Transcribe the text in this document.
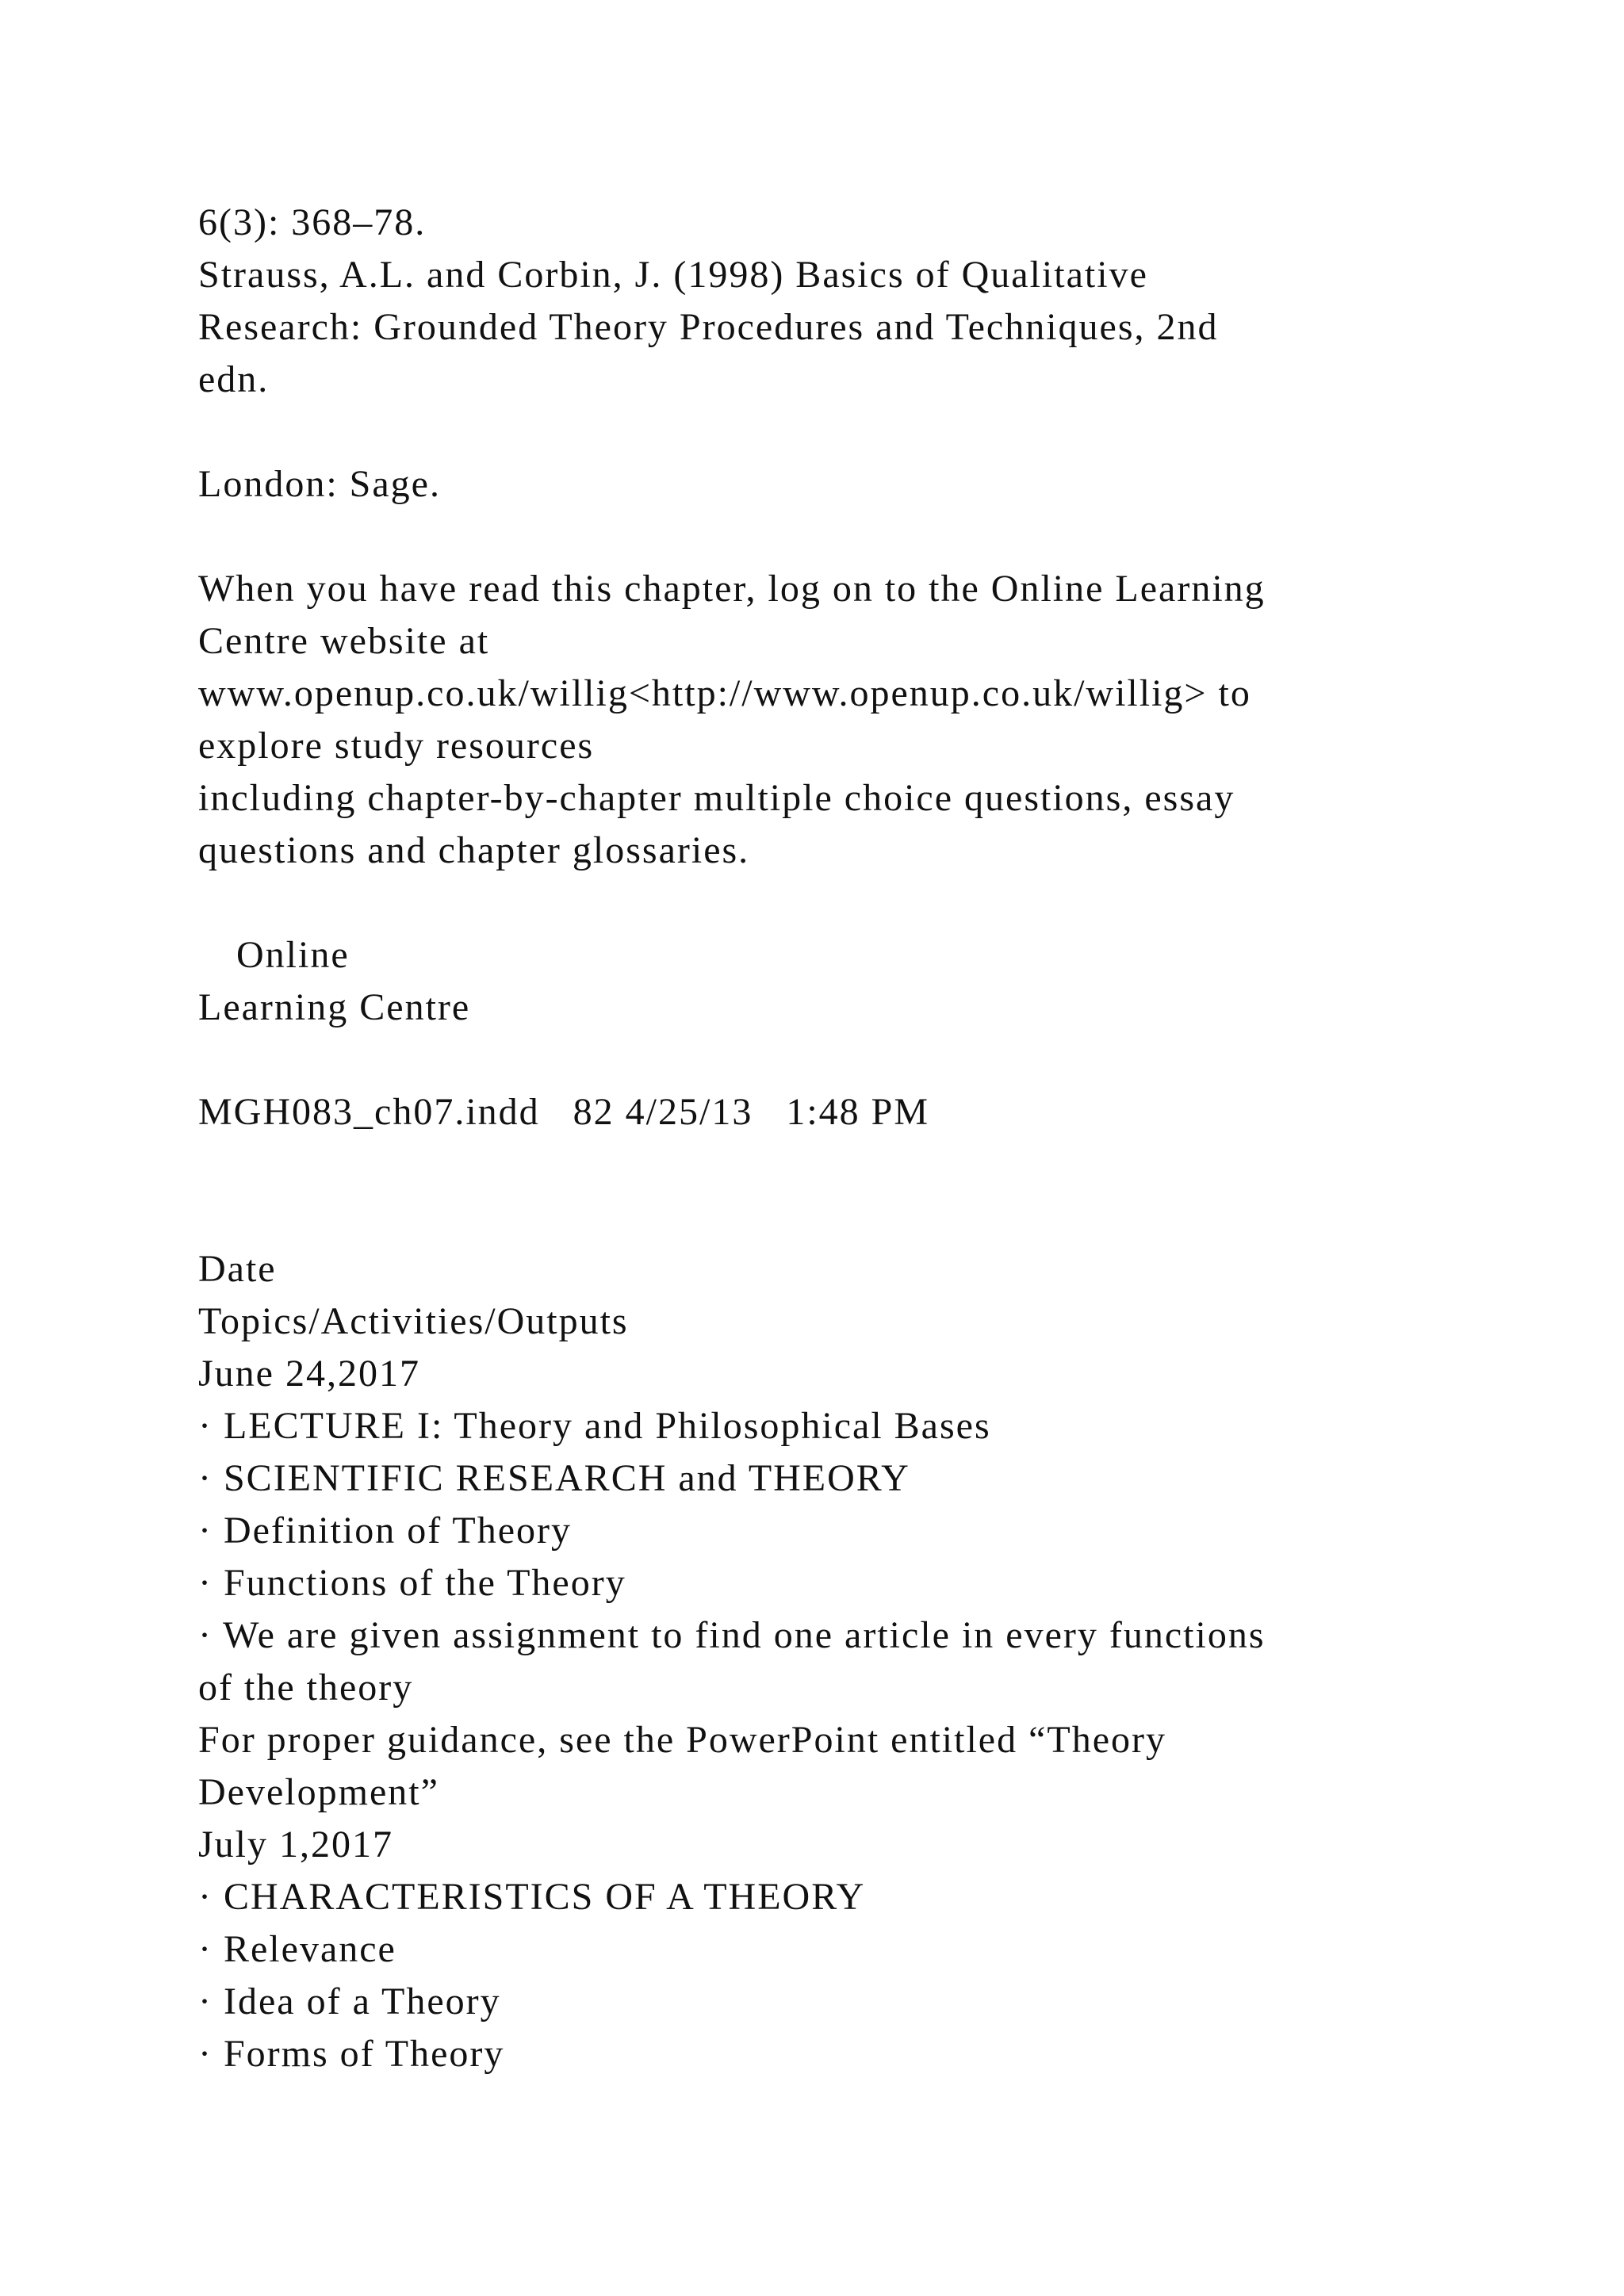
6(3): 368–78.
Strauss, A.L. and Corbin, J. (1998) Basics of Qualitative
Research: Grounded Theory Procedures and Techniques, 2nd
edn.
London: Sage.
When you have read this chapter, log on to the Online Learning
Centre website at
www.openup.co.uk/willig<http://www.openup.co.uk/willig> to
explore study resources
including chapter-by-chapter multiple choice questions, essay
questions and chapter glossaries.
Online
Learning Centre
MGH083_ch07.indd   82 4/25/13   1:48 PM
Date
Topics/Activities/Outputs
June 24,2017
· LECTURE I: Theory and Philosophical Bases
· SCIENTIFIC RESEARCH and THEORY
· Definition of Theory
· Functions of the Theory
· We are given assignment to find one article in every functions
of the theory
For proper guidance, see the PowerPoint entitled “Theory
Development”
July 1,2017
· CHARACTERISTICS OF A THEORY
· Relevance
· Idea of a Theory
· Forms of Theory
